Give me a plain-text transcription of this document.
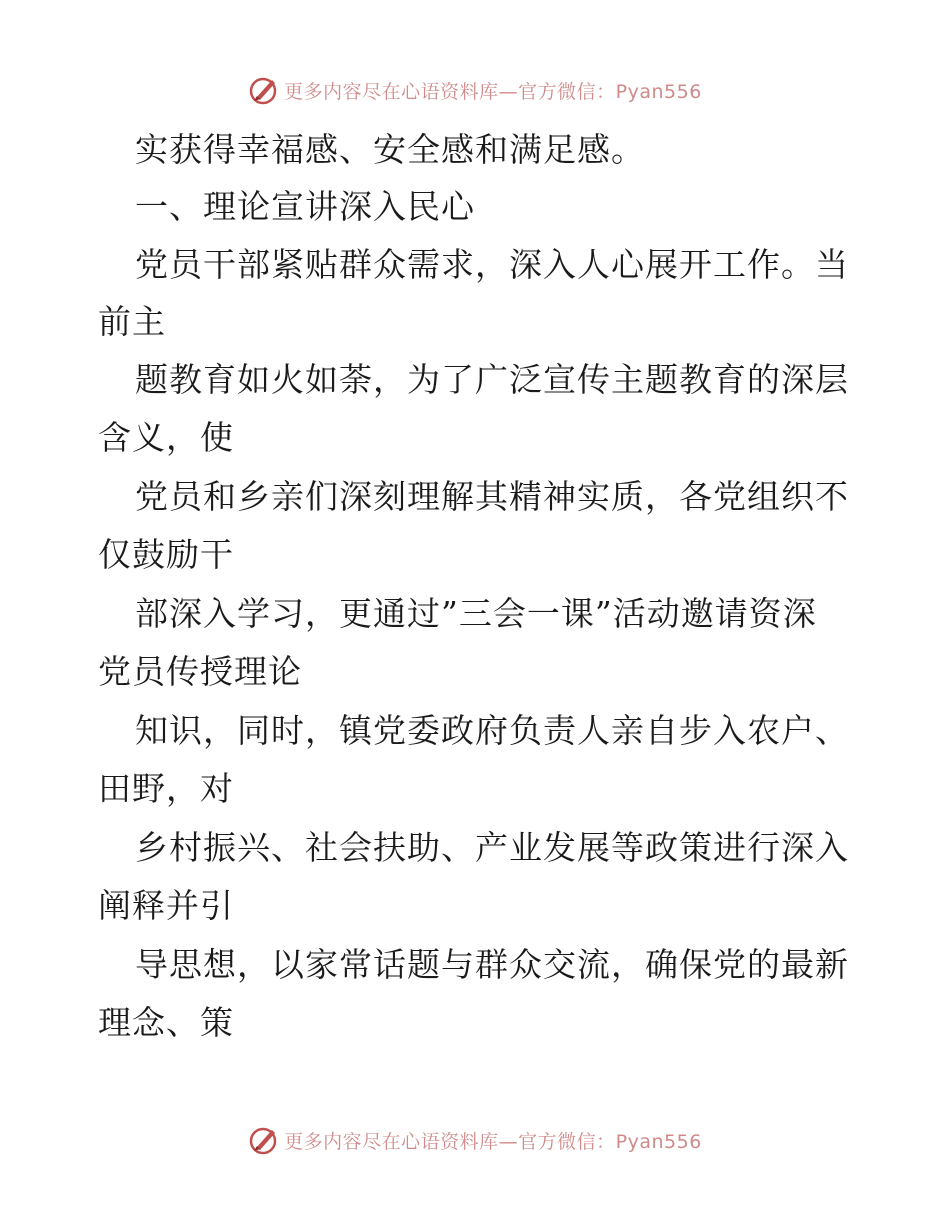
更多内容尽在心语资料库—官方微信：Pyan556
实获得幸福感、安全感和满足感。
一、理论宣讲深入民心
党员干部紧贴群众需求，深入人心展开工作。当
前主
题教育如火如荼，为了广泛宣传主题教育的深层
含义，使
党员和乡亲们深刻理解其精神实质，各党组织不
仅鼓励干
部深入学习，更通过”三会一课”活动邀请资深
党员传授理论
知识，同时，镇党委政府负责人亲自步入农户、
田野，对
乡村振兴、社会扶助、产业发展等政策进行深入
阐释并引
导思想，以家常话题与群众交流，确保党的最新
理念、策
更多内容尽在心语资料库—官方微信：Pyan556
